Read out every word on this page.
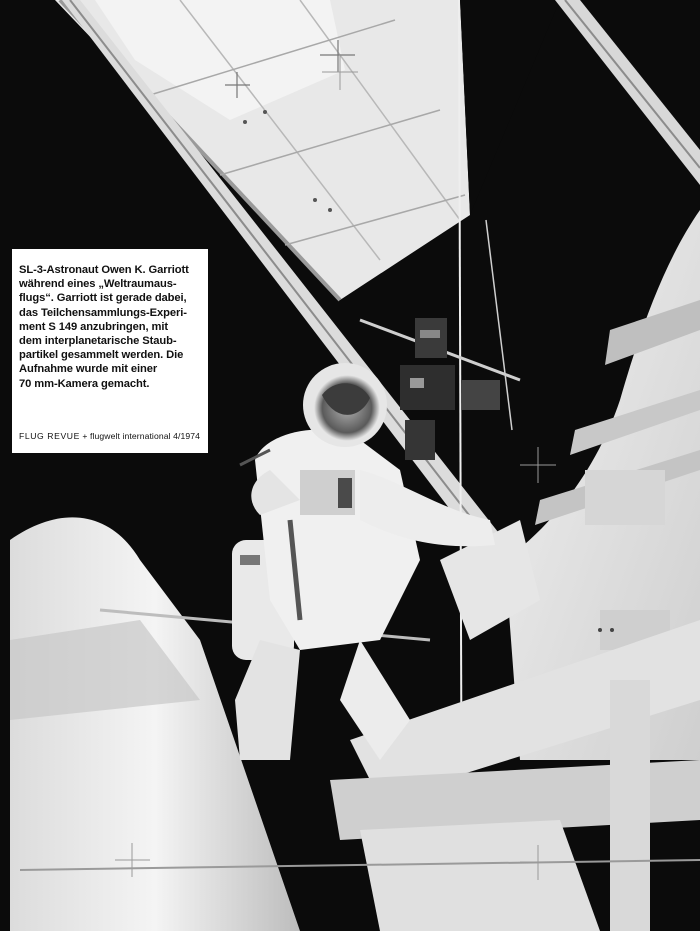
SL-3-Astronaut Owen K. Garriott
während eines „Weltraumaus-
flugs“. Garriott ist gerade dabei,
das Teilchensammlungs-Experi-
ment S 149 anzubringen, mit
dem interplanetarische Staub-
partikel gesammelt werden. Die
Aufnahme wurde mit einer
70 mm-Kamera gemacht.
FLUG REVUE + flugwelt international 4/1974
